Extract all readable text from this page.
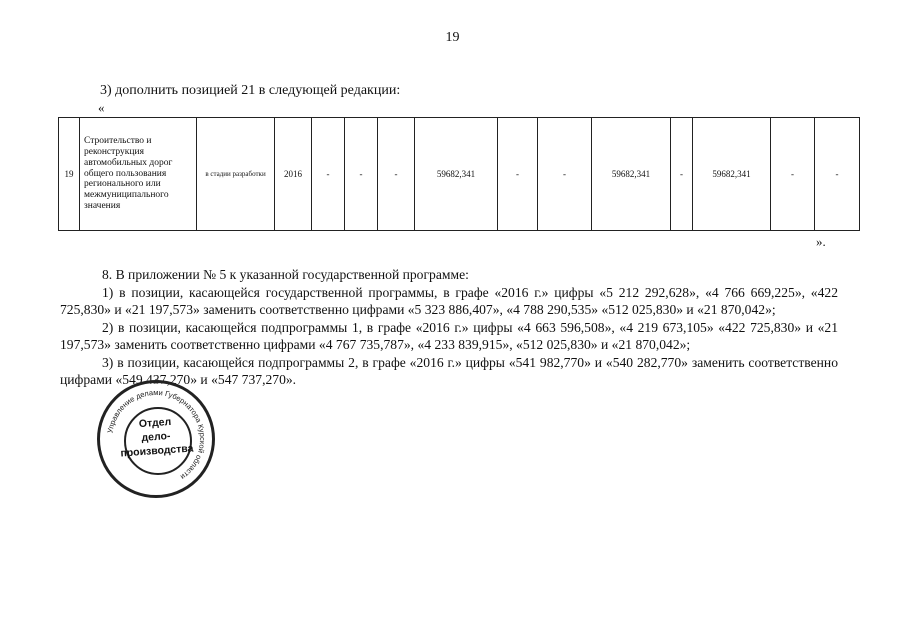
19
3) дополнить позицией 21 в следующей редакции:
«
19	Строительство и реконструкция автомобильных дорог общего пользования регионального или межмуниципального значения	в стадии разработки	2016	-	-	-	59682,341	-	-	59682,341	-	59682,341	-	-
».

8. В приложении № 5 к указанной государственной программе:

1) в позиции, касающейся государственной программы, в графе «2016 г.» цифры «5 212 292,628», «4 766 669,225», «422 725,830» и «21 197,573» заменить соответственно цифрами «5 323 886,407», «4 788 290,535» «512 025,830» и «21 870,042»;

2) в позиции, касающейся подпрограммы 1, в графе «2016 г.» цифры «4 663 596,508», «4 219 673,105» «422 725,830» и «21 197,573» заменить соответственно цифрами «4 767 735,787», «4 233 839,915», «512 025,830» и «21 870,042»;

3) в позиции, касающейся подпрограммы 2, в графе «2016 г.» цифры «541 982,770» и «540 282,770» заменить соответственно цифрами «549 437,270» и «547 737,270».

Управление делами Губернатора Курской области
Отдел
дело-
производства
